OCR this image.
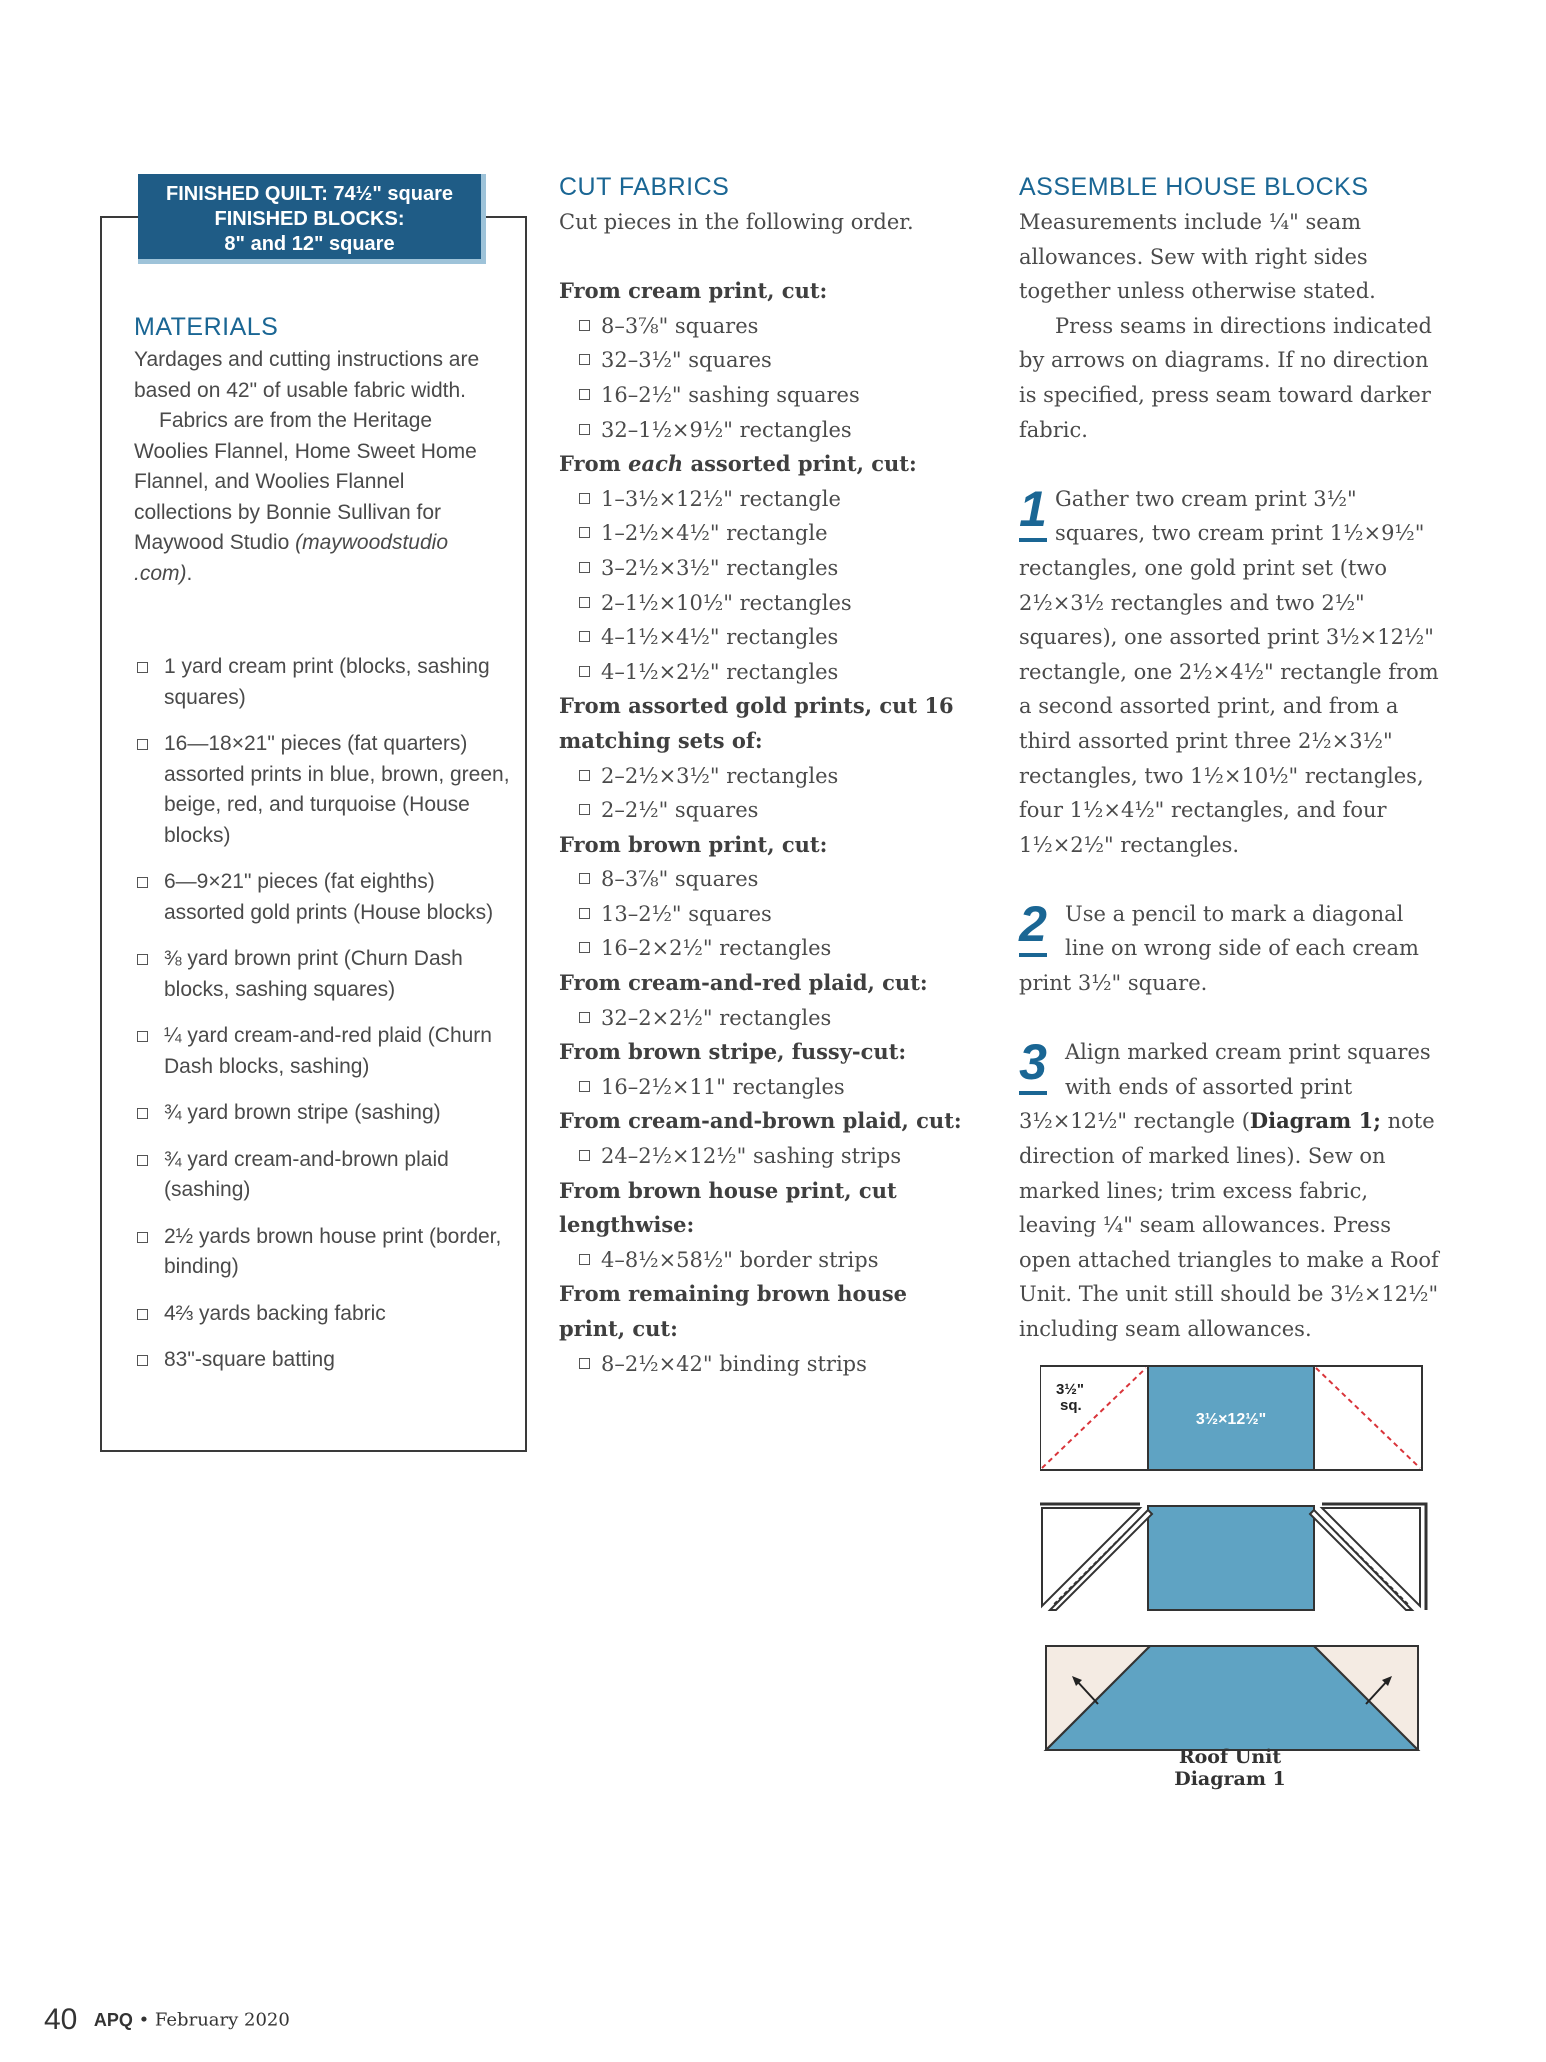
FINISHED QUILT: 74½" square
FINISHED BLOCKS:
8" and 12" square
MATERIALS

Yardages and cutting instructions are based on 42" of usable fabric width.

Fabrics are from the Heritage Woolies Flannel, Home Sweet Home Flannel, and Woolies Flannel collections by Bonnie Sullivan for Maywood Studio (maywoodstudio .com).

1 yard cream print (blocks, sashing squares)
16—18×21" pieces (fat quarters) assorted prints in blue, brown, green, beige, red, and turquoise (House blocks)
6—9×21" pieces (fat eighths) assorted gold prints (House blocks)
⅜ yard brown print (Churn Dash blocks, sashing squares)
¼ yard cream-and-red plaid (Churn Dash blocks, sashing)
¾ yard brown stripe (sashing)
¾ yard cream-and-brown plaid (sashing)
2½ yards brown house print (border, binding)
4⅔ yards backing fabric
83"-square batting
CUT FABRICS
Cut pieces in the following order.
From cream print, cut:
8–3⅞" squares
32–3½" squares
16–2½" sashing squares
32–1½×9½" rectangles
From each assorted print, cut:
1–3½×12½" rectangle
1–2½×4½" rectangle
3–2½×3½" rectangles
2–1½×10½" rectangles
4–1½×4½" rectangles
4–1½×2½" rectangles
From assorted gold prints, cut 16
matching sets of:
2–2½×3½" rectangles
2–2½" squares
From brown print, cut:
8–3⅞" squares
13–2½" squares
16–2×2½" rectangles
From cream-and-red plaid, cut:
32–2×2½" rectangles
From brown stripe, fussy-cut:
16–2½×11" rectangles
From cream-and-brown plaid, cut:
24–2½×12½" sashing strips
From brown house print, cut
lengthwise:
4–8½×58½" border strips
From remaining brown house
print, cut:
8–2½×42" binding strips
ASSEMBLE HOUSE BLOCKS

Measurements include ¼" seam allowances. Sew with right sides together unless otherwise stated.

Press seams in directions indicated by arrows on diagrams. If no direction is specified, press seam toward darker fabric.

1 Gather two cream print 3½" squares, two cream print 1½×9½" rectangles, one gold print set (two 2½×3½ rectangles and two 2½" squares), one assorted print 3½×12½" rectangle, one 2½×4½" rectangle from a second assorted print, and from a third assorted print three 2½×3½" rectangles, two 1½×10½" rectangles, four 1½×4½" rectangles, and four 1½×2½" rectangles.
2 Use a pencil to mark a diagonal line on wrong side of each cream print 3½" square.
3 Align marked cream print squares with ends of assorted print 3½×12½" rectangle (Diagram 1; note direction of marked lines). Sew on marked lines; trim excess fabric, leaving ¼" seam allowances. Press open attached triangles to make a Roof Unit. The unit still should be 3½×12½" including seam allowances.
3½"
sq.
3½×12½"
Roof Unit
Diagram 1
40 APQ • February 2020
